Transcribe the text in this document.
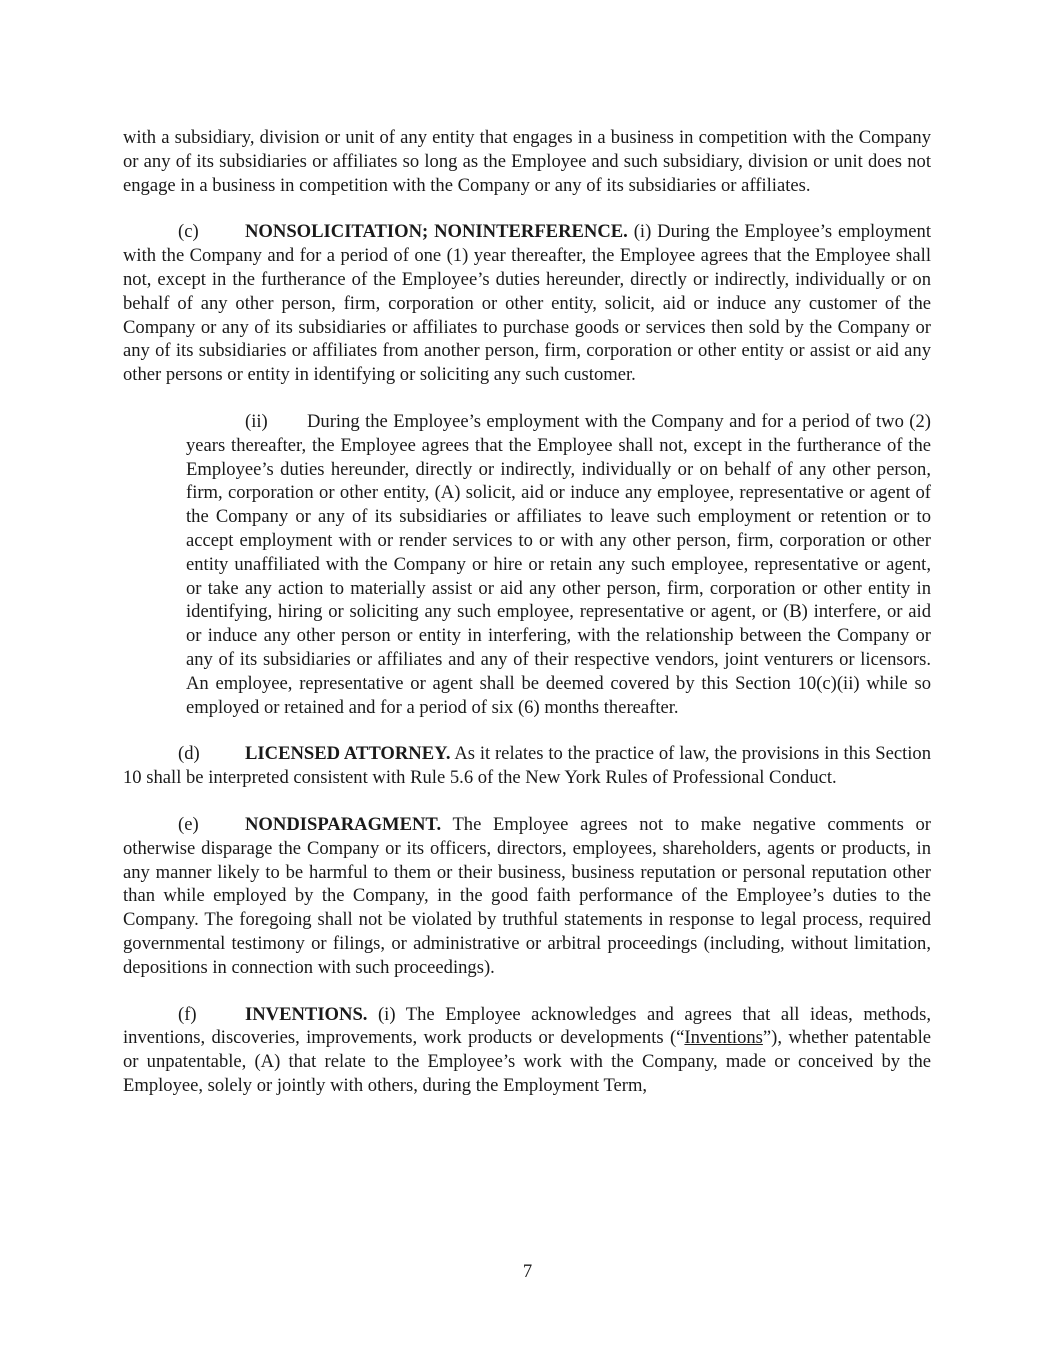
with a subsidiary, division or unit of any entity that engages in a business in competition with the Company or any of its subsidiaries or affiliates so long as the Employee and such subsidiary, division or unit does not engage in a business in competition with the Company or any of its subsidiaries or affiliates.

(c) NONSOLICITATION; NONINTERFERENCE. (i) During the Employee’s employment with the Company and for a period of one (1) year thereafter, the Employee agrees that the Employee shall not, except in the furtherance of the Employee’s duties hereunder, directly or indirectly, individually or on behalf of any other person, firm, corporation or other entity, solicit, aid or induce any customer of the Company or any of its subsidiaries or affiliates to purchase goods or services then sold by the Company or any of its subsidiaries or affiliates from another person, firm, corporation or other entity or assist or aid any other persons or entity in identifying or soliciting any such customer.

(ii) During the Employee’s employment with the Company and for a period of two (2) years thereafter, the Employee agrees that the Employee shall not, except in the furtherance of the Employee’s duties hereunder, directly or indirectly, individually or on behalf of any other person, firm, corporation or other entity, (A) solicit, aid or induce any employee, representative or agent of the Company or any of its subsidiaries or affiliates to leave such employment or retention or to accept employment with or render services to or with any other person, firm, corporation or other entity unaffiliated with the Company or hire or retain any such employee, representative or agent, or take any action to materially assist or aid any other person, firm, corporation or other entity in identifying, hiring or soliciting any such employee, representative or agent, or (B) interfere, or aid or induce any other person or entity in interfering, with the relationship between the Company or any of its subsidiaries or affiliates and any of their respective vendors, joint venturers or licensors. An employee, representative or agent shall be deemed covered by this Section 10(c)(ii) while so employed or retained and for a period of six (6) months thereafter.

(d) LICENSED ATTORNEY. As it relates to the practice of law, the provisions in this Section 10 shall be interpreted consistent with Rule 5.6 of the New York Rules of Professional Conduct.

(e) NONDISPARAGMENT. The Employee agrees not to make negative comments or otherwise disparage the Company or its officers, directors, employees, shareholders, agents or products, in any manner likely to be harmful to them or their business, business reputation or personal reputation other than while employed by the Company, in the good faith performance of the Employee’s duties to the Company. The foregoing shall not be violated by truthful statements in response to legal process, required governmental testimony or filings, or administrative or arbitral proceedings (including, without limitation, depositions in connection with such proceedings).

(f)	INVENTIONS. (i) The Employee acknowledges and agrees that all ideas, methods, inventions, discoveries, improvements, work products or developments (“Inventions”), whether patentable or unpatentable, (A) that relate to the Employee’s work with the Company, made or conceived by the Employee, solely or jointly with others, during the Employment Term,

7
